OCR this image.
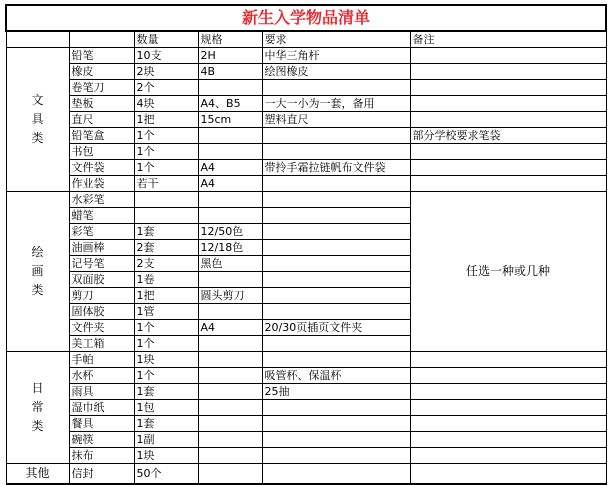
新生入学物品清单					
		数量	规格	要求	备注

文具类	铅笔	10支	2H	中华三角杆	
	橡皮	2块	4B	绘图橡皮	
	卷笔刀	2个			
	垫板	4块	A4、B5	一大一小为一套，备用	
	直尺	1把	15cm	塑料直尺	
	铅笔盒	1个			部分学校要求笔袋
	书包	1个			
	文件袋	1个	A4	带拎手霜拉链帆布文件袋	
	作业袋	若干	A4		

绘画类	水彩笔				任选一种或几种
	蜡笔				
	彩笔	1套	12/50色		
	油画棒	2套	12/18色		
	记号笔	2支	黑色		
	双面胶	1卷			
	剪刀	1把	圆头剪刀		
	固体胶	1管			
	文件夹	1个	A4	20/30页插页文件夹	
	美工箱	1个			

日常类	手帕	1块			
	水杯	1个		吸管杯、保温杯	
	雨具	1套		25抽	
	湿巾纸	1包			
	餐具	1套			
	碗筷	1副			
	抹布	1块			

其他	信封	50个			
